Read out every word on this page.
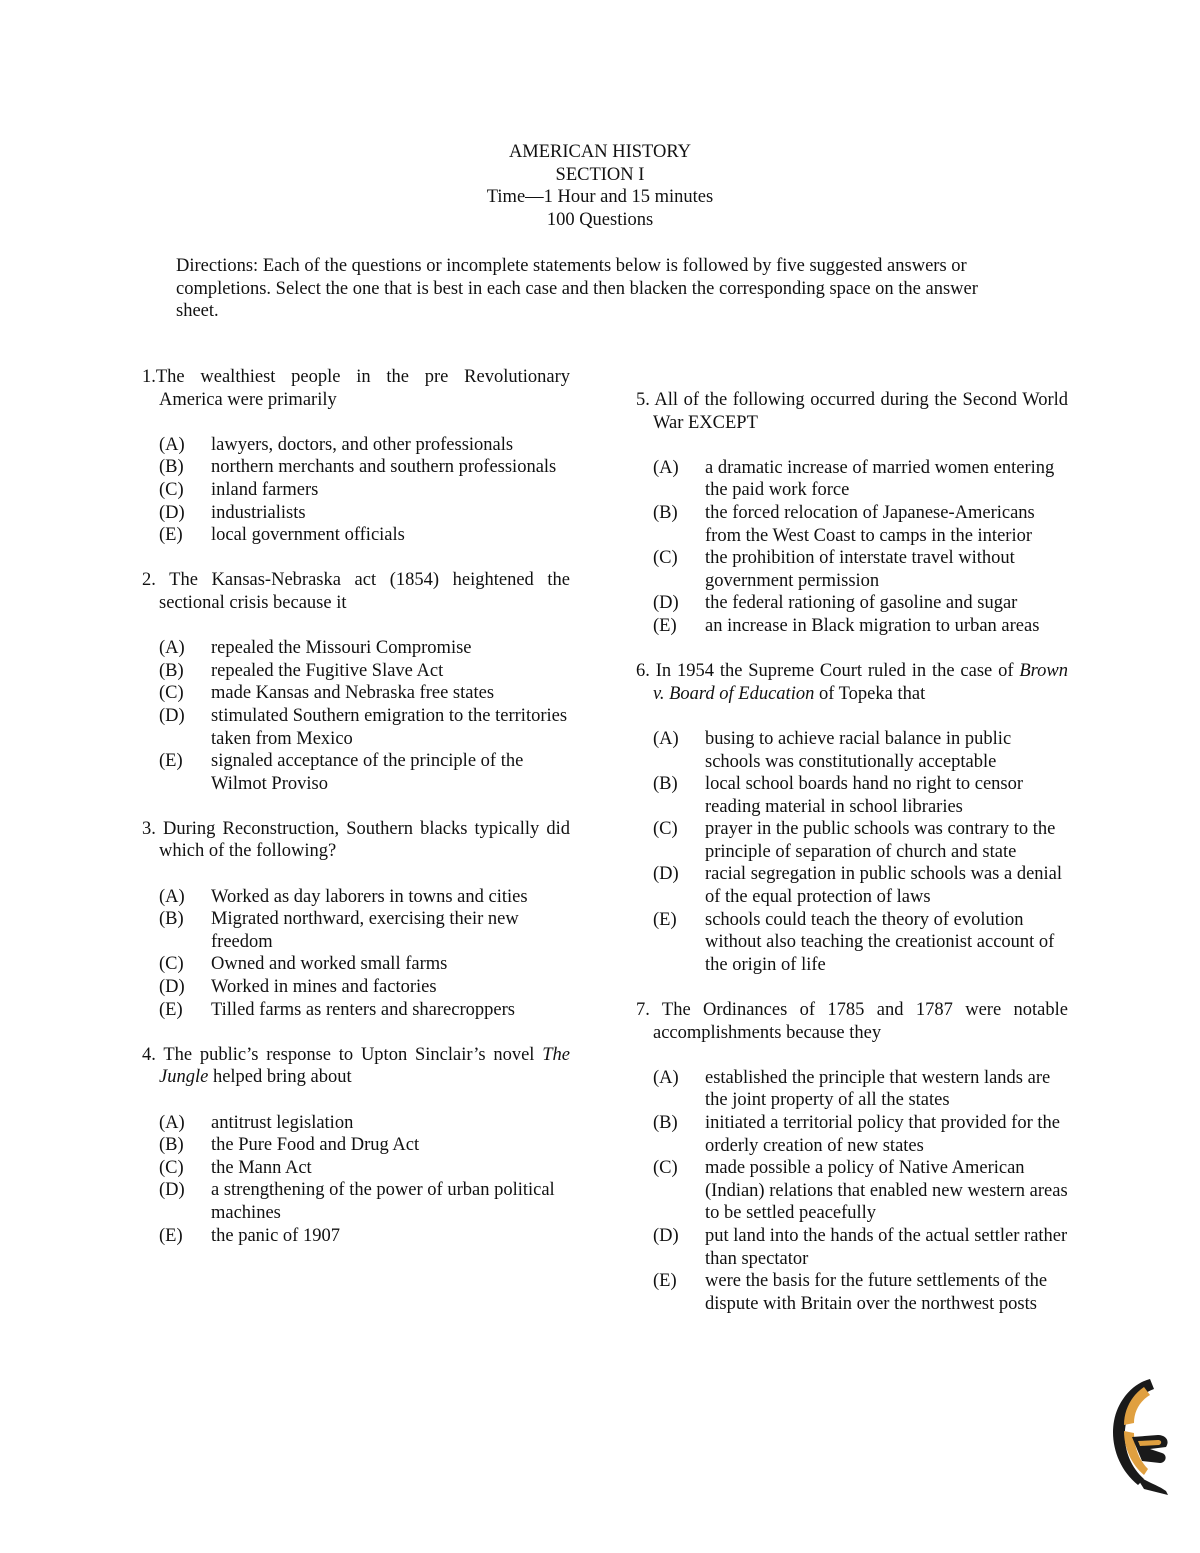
AMERICAN HISTORY
SECTION I
Time—1 Hour and 15 minutes
100 Questions
Directions: Each of the questions or incomplete statements below is followed by five suggested answers or completions. Select the one that is best in each case and then blacken the corresponding space on the answer sheet.
1.The wealthiest people in the pre Revolutionary America were primarily
(A)	lawyers, doctors, and other professionals
(B)	northern merchants and southern professionals
(C)	inland farmers
(D)	industrialists
(E)	local government officials
2. The Kansas-Nebraska act (1854) heightened the sectional crisis because it
(A)	repealed the Missouri Compromise
(B)	repealed the Fugitive Slave Act
(C)	made Kansas and Nebraska free states
(D)	stimulated Southern emigration to the territories taken from Mexico
(E)	signaled acceptance of the principle of the Wilmot Proviso
3. During Reconstruction, Southern blacks typically did which of the following?
(A)	Worked as day laborers in towns and cities
(B)	Migrated northward, exercising their new freedom
(C)	Owned and worked small farms
(D)	Worked in mines and factories
(E)	Tilled farms as renters and sharecroppers
4. The public’s response to Upton Sinclair’s novel The Jungle helped bring about
(A)	antitrust legislation
(B)	the Pure Food and Drug Act
(C)	the Mann Act
(D)	a strengthening of the power of urban political machines
(E)	the panic of 1907
5. All of the following occurred during the Second World War EXCEPT
(A)	a dramatic increase of married women entering the paid work force
(B)	the forced relocation of Japanese-Americans from the West Coast to camps in the interior
(C)	the prohibition of interstate travel without government permission
(D)	the federal rationing of gasoline and sugar
(E)	an increase in Black migration to urban areas
6. In 1954 the Supreme Court ruled in the case of Brown v. Board of Education of Topeka that
(A)	busing to achieve racial balance in public schools was constitutionally acceptable
(B)	local school boards hand no right to censor reading material in school libraries
(C)	prayer in the public schools was contrary to the principle of separation of church and state
(D)	racial segregation in public schools was a denial of the equal protection of laws
(E)	schools could teach the theory of evolution without also teaching the creationist account of the origin of life
7. The Ordinances of 1785 and 1787 were notable accomplishments because they
(A)	established the principle that western lands are the joint property of all the states
(B)	initiated a territorial policy that provided for the orderly creation of new states
(C)	made possible a policy of Native American (Indian) relations that enabled new western areas to be settled peacefully
(D)	put land into the hands of the actual settler rather than spectator
(E)	were the basis for the future settlements of the dispute with Britain over the northwest posts
